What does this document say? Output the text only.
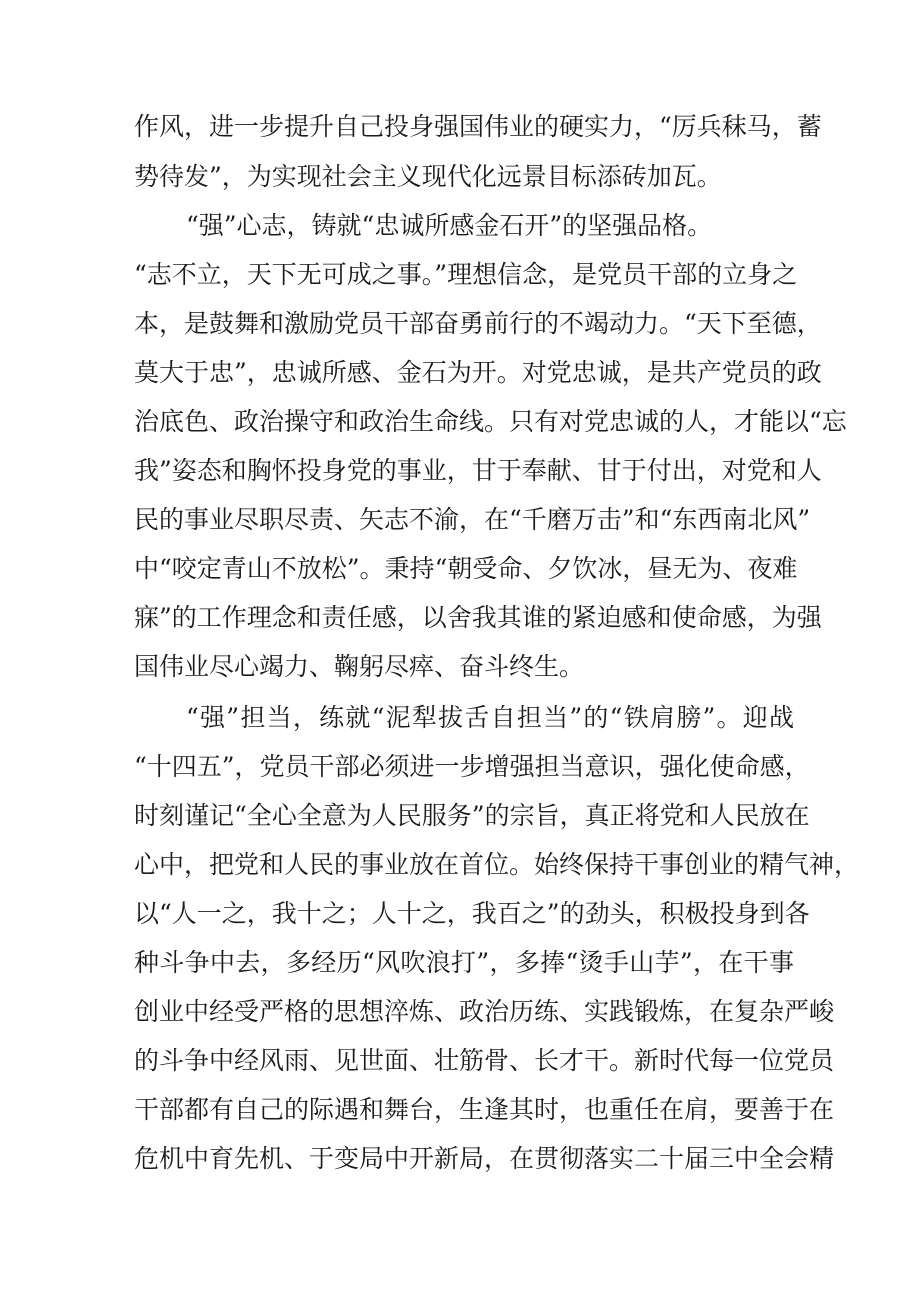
作风，进一步提升自己投身强国伟业的硬实力，“厉兵秣马，蓄
势待发”，为实现社会主义现代化远景目标添砖加瓦。
“强”心志，铸就“忠诚所感金石开”的坚强品格。
“志不立，天下无可成之事。”理想信念，是党员干部的立身之
本，是鼓舞和激励党员干部奋勇前行的不竭动力。“天下至德，
莫大于忠”，忠诚所感、金石为开。对党忠诚，是共产党员的政
治底色、政治操守和政治生命线。只有对党忠诚的人，才能以“忘
我”姿态和胸怀投身党的事业，甘于奉献、甘于付出，对党和人
民的事业尽职尽责、矢志不渝，在“千磨万击”和“东西南北风”
中“咬定青山不放松”。秉持“朝受命、夕饮冰，昼无为、夜难
寐”的工作理念和责任感，以舍我其谁的紧迫感和使命感，为强
国伟业尽心竭力、鞠躬尽瘁、奋斗终生。
“强”担当，练就“泥犁拔舌自担当”的“铁肩膀”。迎战
“十四五”，党员干部必须进一步增强担当意识，强化使命感，
时刻谨记“全心全意为人民服务”的宗旨，真正将党和人民放在
心中，把党和人民的事业放在首位。始终保持干事创业的精气神，
以“人一之，我十之；人十之，我百之”的劲头，积极投身到各
种斗争中去，多经历“风吹浪打”，多捧“烫手山芋”，在干事
创业中经受严格的思想淬炼、政治历练、实践锻炼，在复杂严峻
的斗争中经风雨、见世面、壮筋骨、长才干。新时代每一位党员
干部都有自己的际遇和舞台，生逢其时，也重任在肩，要善于在
危机中育先机、于变局中开新局，在贯彻落实二十届三中全会精
